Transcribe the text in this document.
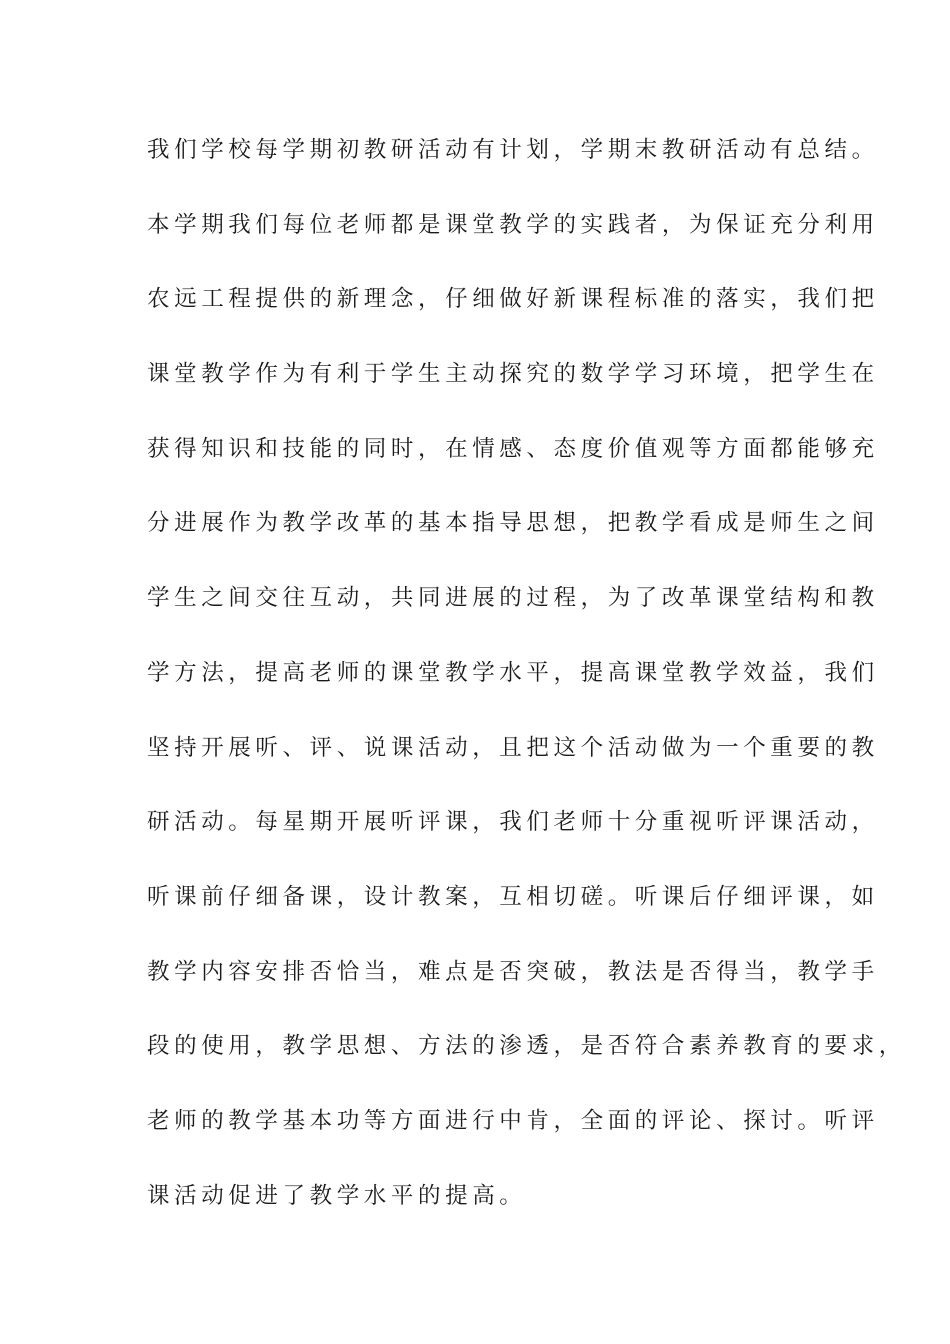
我们学校每学期初教研活动有计划，学期末教研活动有总结。
本学期我们每位老师都是课堂教学的实践者，为保证充分利用
农远工程提供的新理念，仔细做好新课程标准的落实，我们把
课堂教学作为有利于学生主动探究的数学学习环境，把学生在
获得知识和技能的同时，在情感、态度价值观等方面都能够充
分进展作为教学改革的基本指导思想，把教学看成是师生之间
学生之间交往互动，共同进展的过程，为了改革课堂结构和教
学方法，提高老师的课堂教学水平，提高课堂教学效益，我们
坚持开展听、评、说课活动，且把这个活动做为一个重要的教
研活动。每星期开展听评课，我们老师十分重视听评课活动，
听课前仔细备课，设计教案，互相切磋。听课后仔细评课，如
教学内容安排否恰当，难点是否突破，教法是否得当，教学手
段的使用，教学思想、方法的渗透，是否符合素养教育的要求，
老师的教学基本功等方面进行中肯，全面的评论、探讨。听评
课活动促进了教学水平的提高。
